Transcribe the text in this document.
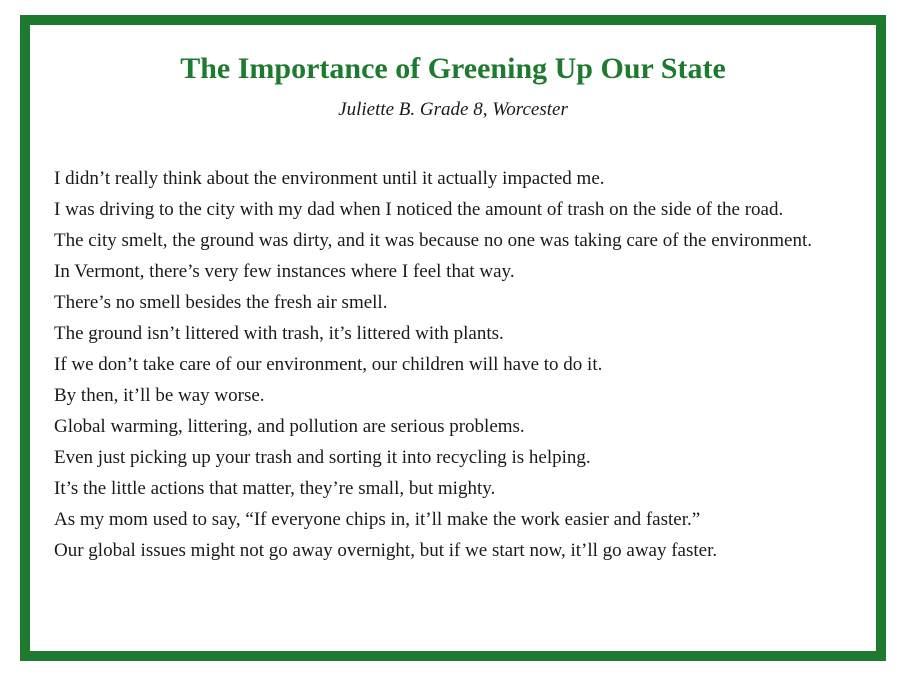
The Importance of Greening Up Our State

Juliette B. Grade 8, Worcester

I didn’t really think about the environment until it actually impacted me.
I was driving to the city with my dad when I noticed the amount of trash on the side of the road.
The city smelt, the ground was dirty, and it was because no one was taking care of the environment.
In Vermont, there’s very few instances where I feel that way.
There’s no smell besides the fresh air smell.
The ground isn’t littered with trash, it’s littered with plants.
If we don’t take care of our environment, our children will have to do it.
By then, it’ll be way worse.
Global warming, littering, and pollution are serious problems.
Even just picking up your trash and sorting it into recycling is helping.
It’s the little actions that matter, they’re small, but mighty.
As my mom used to say, “If everyone chips in, it’ll make the work easier and faster.”
Our global issues might not go away overnight, but if we start now, it’ll go away faster.
